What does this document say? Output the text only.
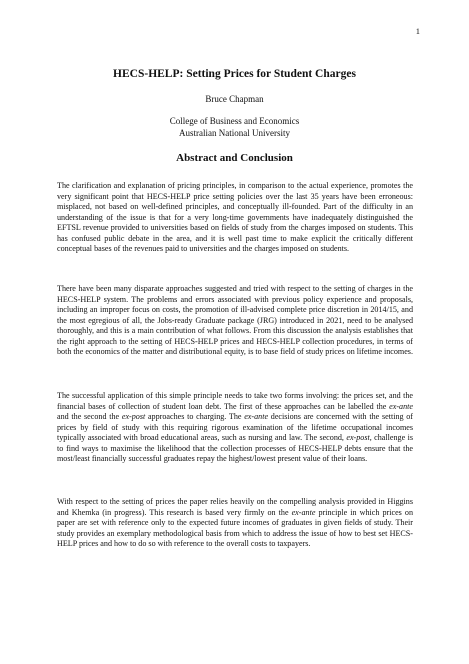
1
HECS-HELP: Setting Prices for Student Charges
Bruce Chapman
College of Business and Economics
Australian National University
Abstract and Conclusion

The clarification and explanation of pricing principles, in comparison to the actual experience, promotes the very significant point that HECS-HELP price setting policies over the last 35 years have been erroneous: misplaced, not based on well-defined principles, and conceptually ill-founded. Part of the difficulty in an understanding of the issue is that for a very long-time governments have inadequately distinguished the EFTSL revenue provided to universities based on fields of study from the charges imposed on students. This has confused public debate in the area, and it is well past time to make explicit the critically different conceptual bases of the revenues paid to universities and the charges imposed on students.

There have been many disparate approaches suggested and tried with respect to the setting of charges in the HECS-HELP system. The problems and errors associated with previous policy experience and proposals, including an improper focus on costs, the promotion of ill-advised complete price discretion in 2014/15, and the most egregious of all, the Jobs-ready Graduate package (JRG) introduced in 2021, need to be analysed thoroughly, and this is a main contribution of what follows. From this discussion the analysis establishes that the right approach to the setting of HECS-HELP prices and HECS-HELP collection procedures, in terms of both the economics of the matter and distributional equity, is to base field of study prices on lifetime incomes.

The successful application of this simple principle needs to take two forms involving: the prices set, and the financial bases of collection of student loan debt. The first of these approaches can be labelled the ex-ante and the second the ex-post approaches to charging. The ex-ante decisions are concerned with the setting of prices by field of study with this requiring rigorous examination of the lifetime occupational incomes typically associated with broad educational areas, such as nursing and law. The second, ex-post, challenge is to find ways to maximise the likelihood that the collection processes of HECS-HELP debts ensure that the most/least financially successful graduates repay the highest/lowest present value of their loans.

With respect to the setting of prices the paper relies heavily on the compelling analysis provided in Higgins and Khemka (in progress). This research is based very firmly on the ex-ante principle in which prices on paper are set with reference only to the expected future incomes of graduates in given fields of study. Their study provides an exemplary methodological basis from which to address the issue of how to best set HECS-HELP prices and how to do so with reference to the overall costs to taxpayers.
